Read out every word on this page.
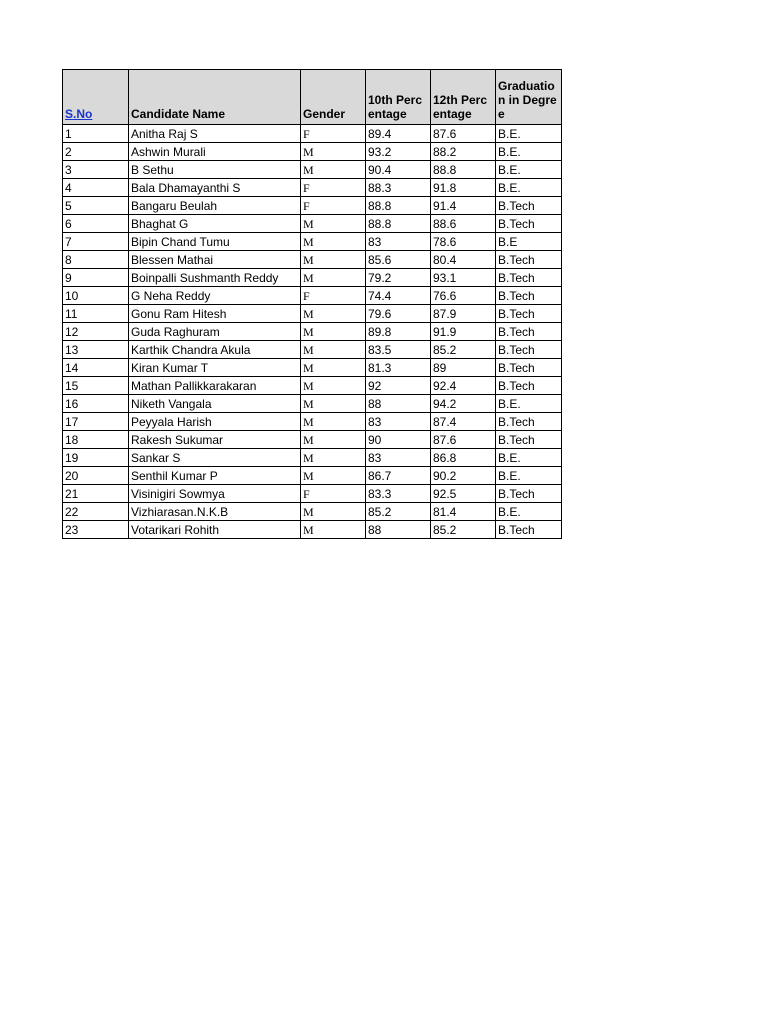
S.No	Candidate Name	Gender	10th Percentage	12th Percentage	Graduation in Degree

1	Anitha Raj S	F	89.4	87.6	B.E.
2	Ashwin Murali	M	93.2	88.2	B.E.
3	B Sethu	M	90.4	88.8	B.E.
4	Bala Dhamayanthi S	F	88.3	91.8	B.E.
5	Bangaru Beulah	F	88.8	91.4	B.Tech
6	Bhaghat G	M	88.8	88.6	B.Tech
7	Bipin Chand Tumu	M	83	78.6	B.E
8	Blessen Mathai	M	85.6	80.4	B.Tech
9	Boinpalli Sushmanth Reddy	M	79.2	93.1	B.Tech
10	G Neha Reddy	F	74.4	76.6	B.Tech
11	Gonu Ram Hitesh	M	79.6	87.9	B.Tech
12	Guda Raghuram	M	89.8	91.9	B.Tech
13	Karthik Chandra Akula	M	83.5	85.2	B.Tech
14	Kiran Kumar T	M	81.3	89	B.Tech
15	Mathan Pallikkarakaran	M	92	92.4	B.Tech
16	Niketh Vangala	M	88	94.2	B.E.
17	Peyyala Harish	M	83	87.4	B.Tech
18	Rakesh Sukumar	M	90	87.6	B.Tech
19	Sankar S	M	83	86.8	B.E.
20	Senthil Kumar P	M	86.7	90.2	B.E.
21	Visinigiri Sowmya	F	83.3	92.5	B.Tech
22	Vizhiarasan.N.K.B	M	85.2	81.4	B.E.
23	Votarikari Rohith	M	88	85.2	B.Tech
